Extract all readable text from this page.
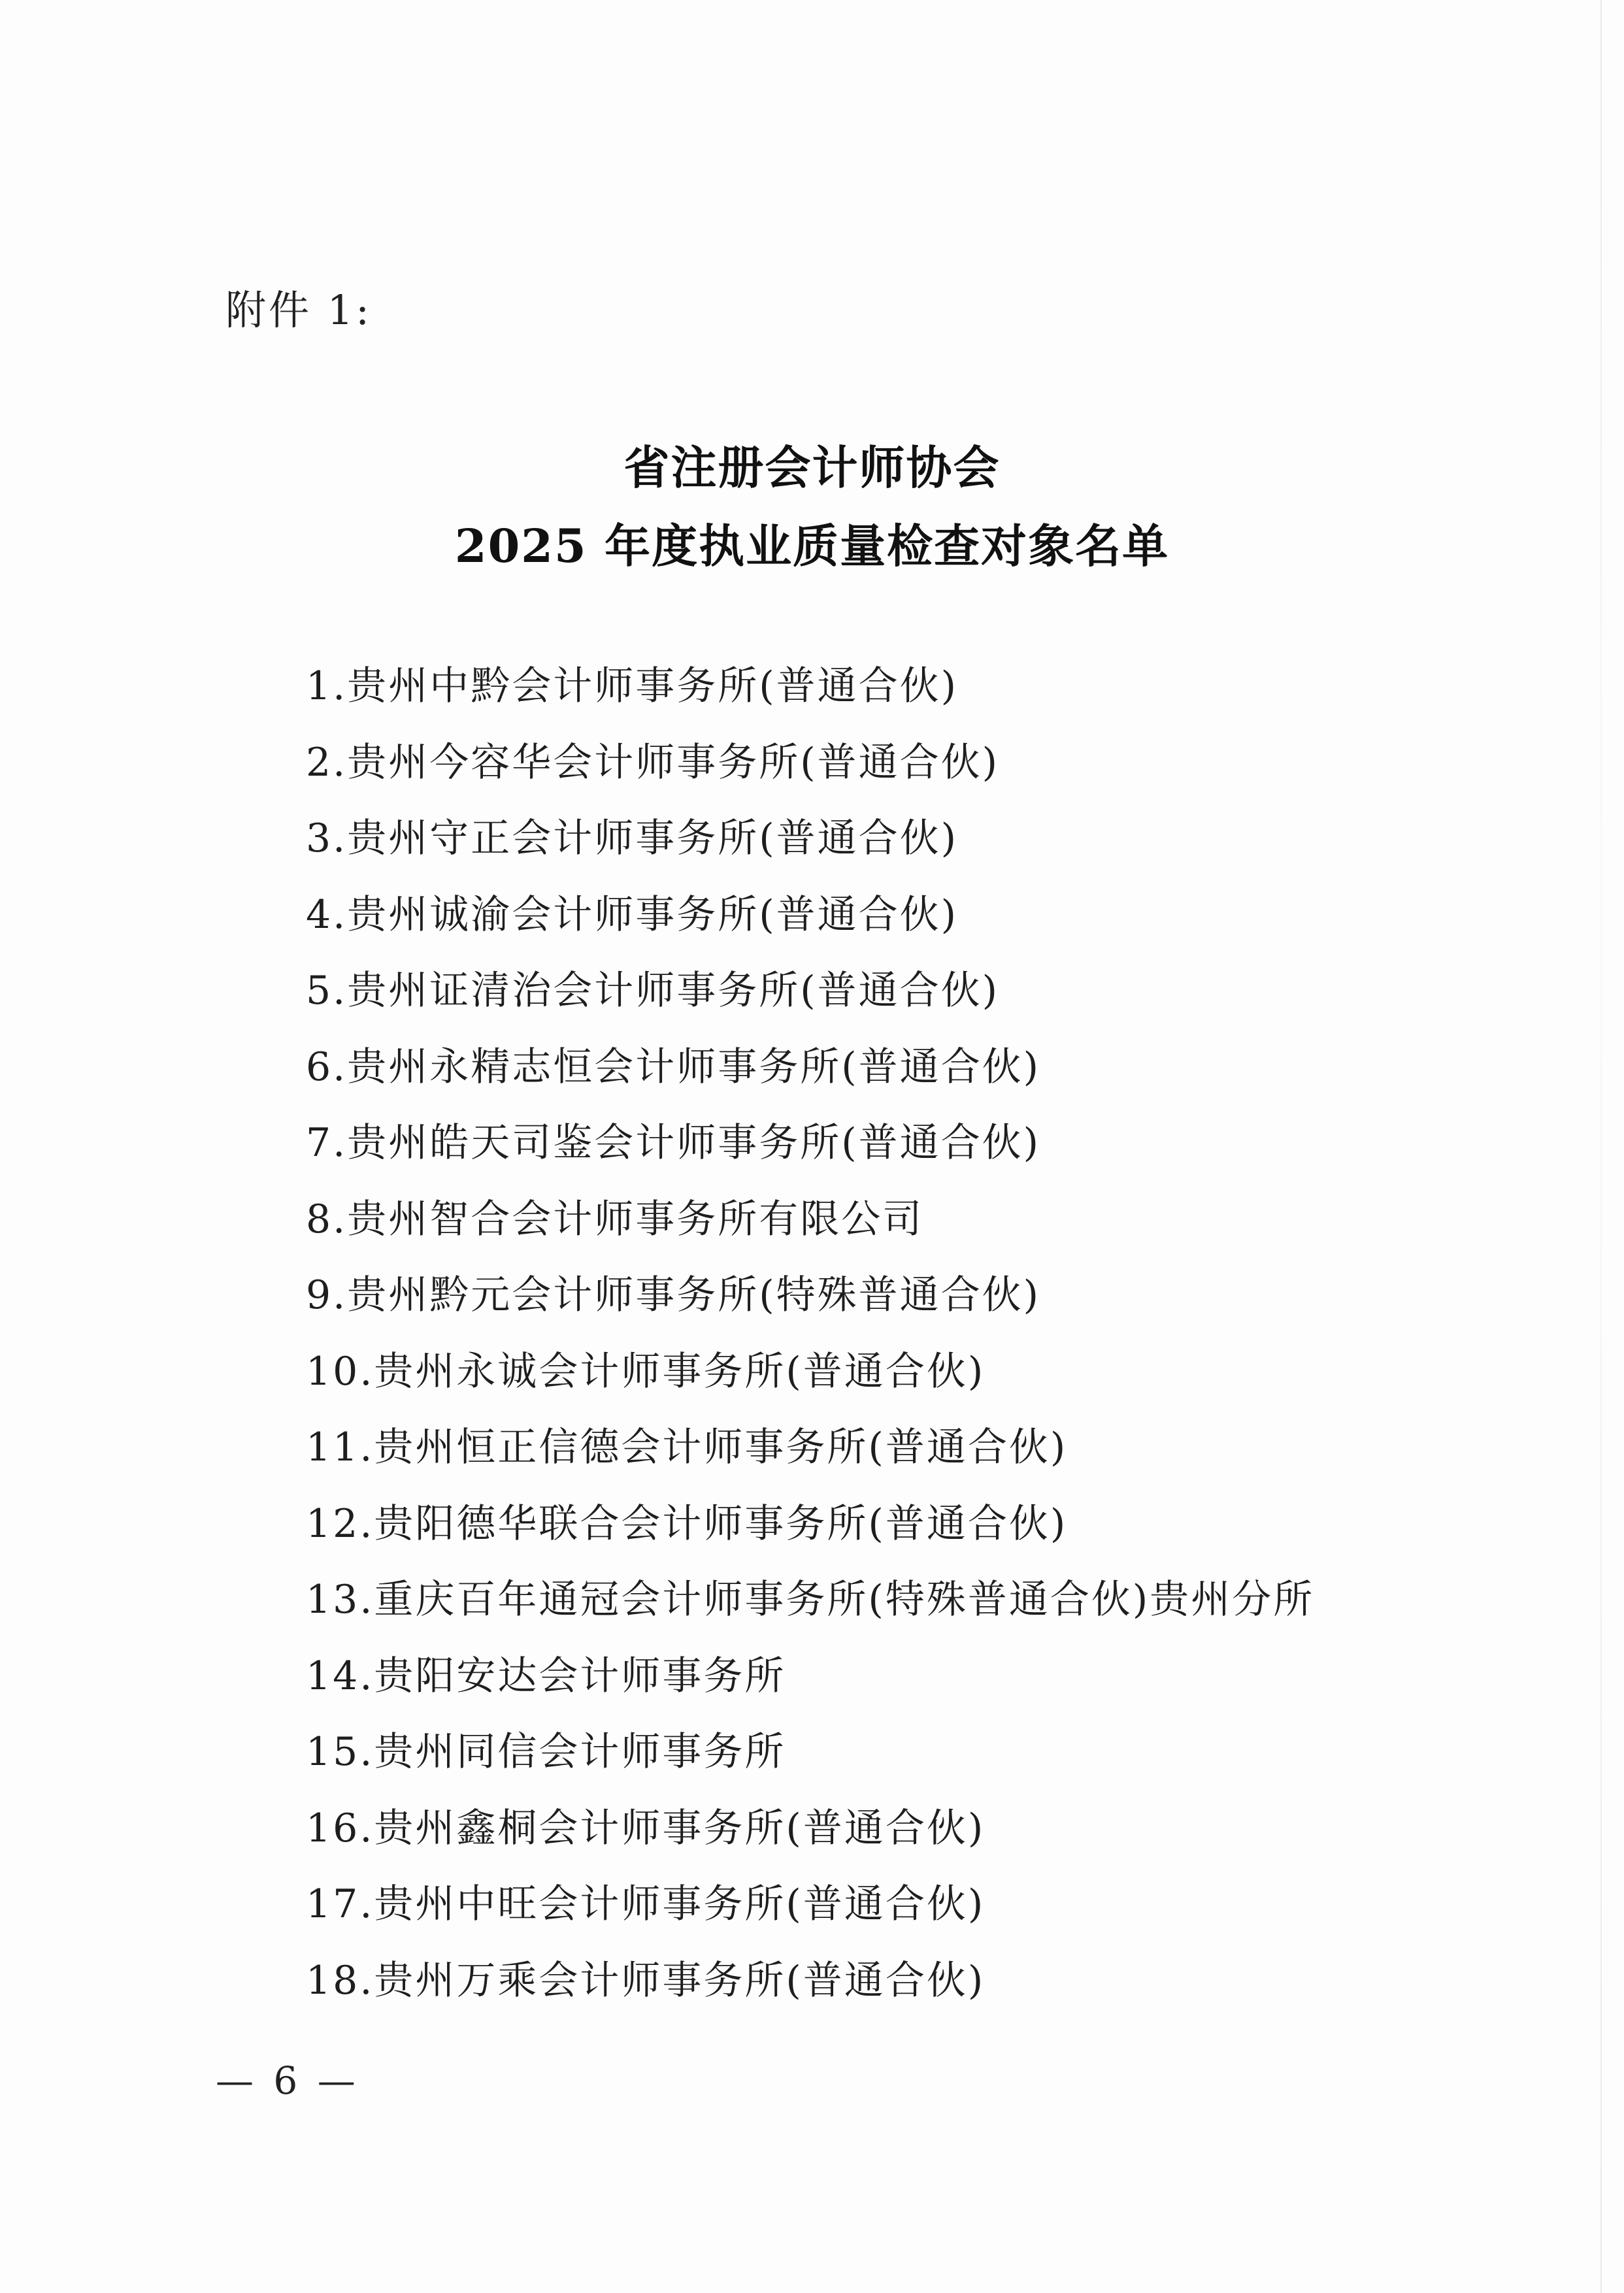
附件 1:
省注册会计师协会
2025 年度执业质量检查对象名单
1.贵州中黔会计师事务所(普通合伙)
2.贵州今容华会计师事务所(普通合伙)
3.贵州守正会计师事务所(普通合伙)
4.贵州诚渝会计师事务所(普通合伙)
5.贵州证清治会计师事务所(普通合伙)
6.贵州永精志恒会计师事务所(普通合伙)
7.贵州皓天司鉴会计师事务所(普通合伙)
8.贵州智合会计师事务所有限公司
9.贵州黔元会计师事务所(特殊普通合伙)
10.贵州永诚会计师事务所(普通合伙)
11.贵州恒正信德会计师事务所(普通合伙)
12.贵阳德华联合会计师事务所(普通合伙)
13.重庆百年通冠会计师事务所(特殊普通合伙)贵州分所
14.贵阳安达会计师事务所
15.贵州同信会计师事务所
16.贵州鑫桐会计师事务所(普通合伙)
17.贵州中旺会计师事务所(普通合伙)
18.贵州万乘会计师事务所(普通合伙)
— 6 —
